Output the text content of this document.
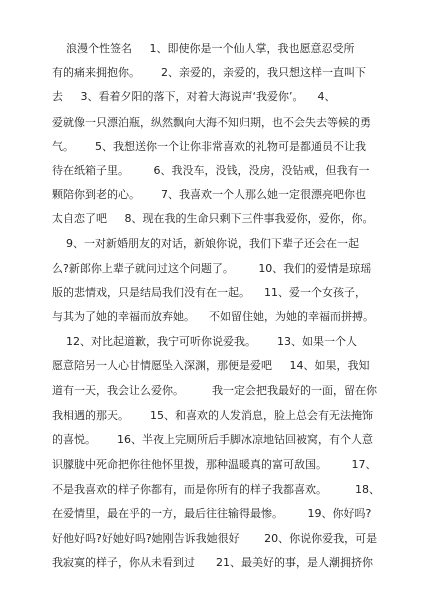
浪漫个性签名     1、即使你是一个仙人掌，我也愿意忍受所
有的痛来拥抱你。      2、亲爱的，亲爱的，我只想这样一直叫下
去     3、看着夕阳的落下，对着大海说声‘我爱你’。    4、
爱就像一只漂泊瓶，纵然飘向大海不知归期，也不会失去等候的勇
气。      5、我想送你一个让你非常喜欢的礼物可是都通员不让我
待在纸箱子里。       6、我没车，没钱，没房，没钻戒，但我有一
颗陪你到老的心。      7、我喜欢一个人那么她一定很漂亮吧你也
太自恋了吧     8、现在我的生命只剩下三件事我爱你，爱你，你。
9、一对新婚朋友的对话，新娘你说，我们下辈子还会在一起
么?新郎你上辈子就问过这个问题了。       10、我们的爱情是琼瑶
版的悲情戏，只是结局我们没有在一起。    11、爱一个女孩子，
与其为了她的幸福而放弃她。    不如留住她，为她的幸福而拼搏。
12、对比起道歉，我宁可听你说爱我。      13、如果一个人
愿意陪另一人心甘情愿坠入深渊，那便是爱吧     14、如果，我知
道有一天，我会让么爱你。        我一定会把我最好的一面，留在你
我相遇的那天。      15、和喜欢的人发消息，脸上总会有无法掩饰
的喜悦。      16、半夜上完厕所后手脚冰凉地钻回被窝，有个人意
识朦胧中死命把你往他怀里拨，那种温暖真的富可敌国。       17、
不是我喜欢的样子你都有，而是你所有的样子我都喜欢。        18、
在爱情里，最在乎的一方，最后往往输得最惨。       19、你好吗?
好他好吗?好她好吗?她刚告诉我她很好       20、你说你爱我，可是
我寂寞的样子，你从未看到过      21、最美好的事，是人潮拥挤你
